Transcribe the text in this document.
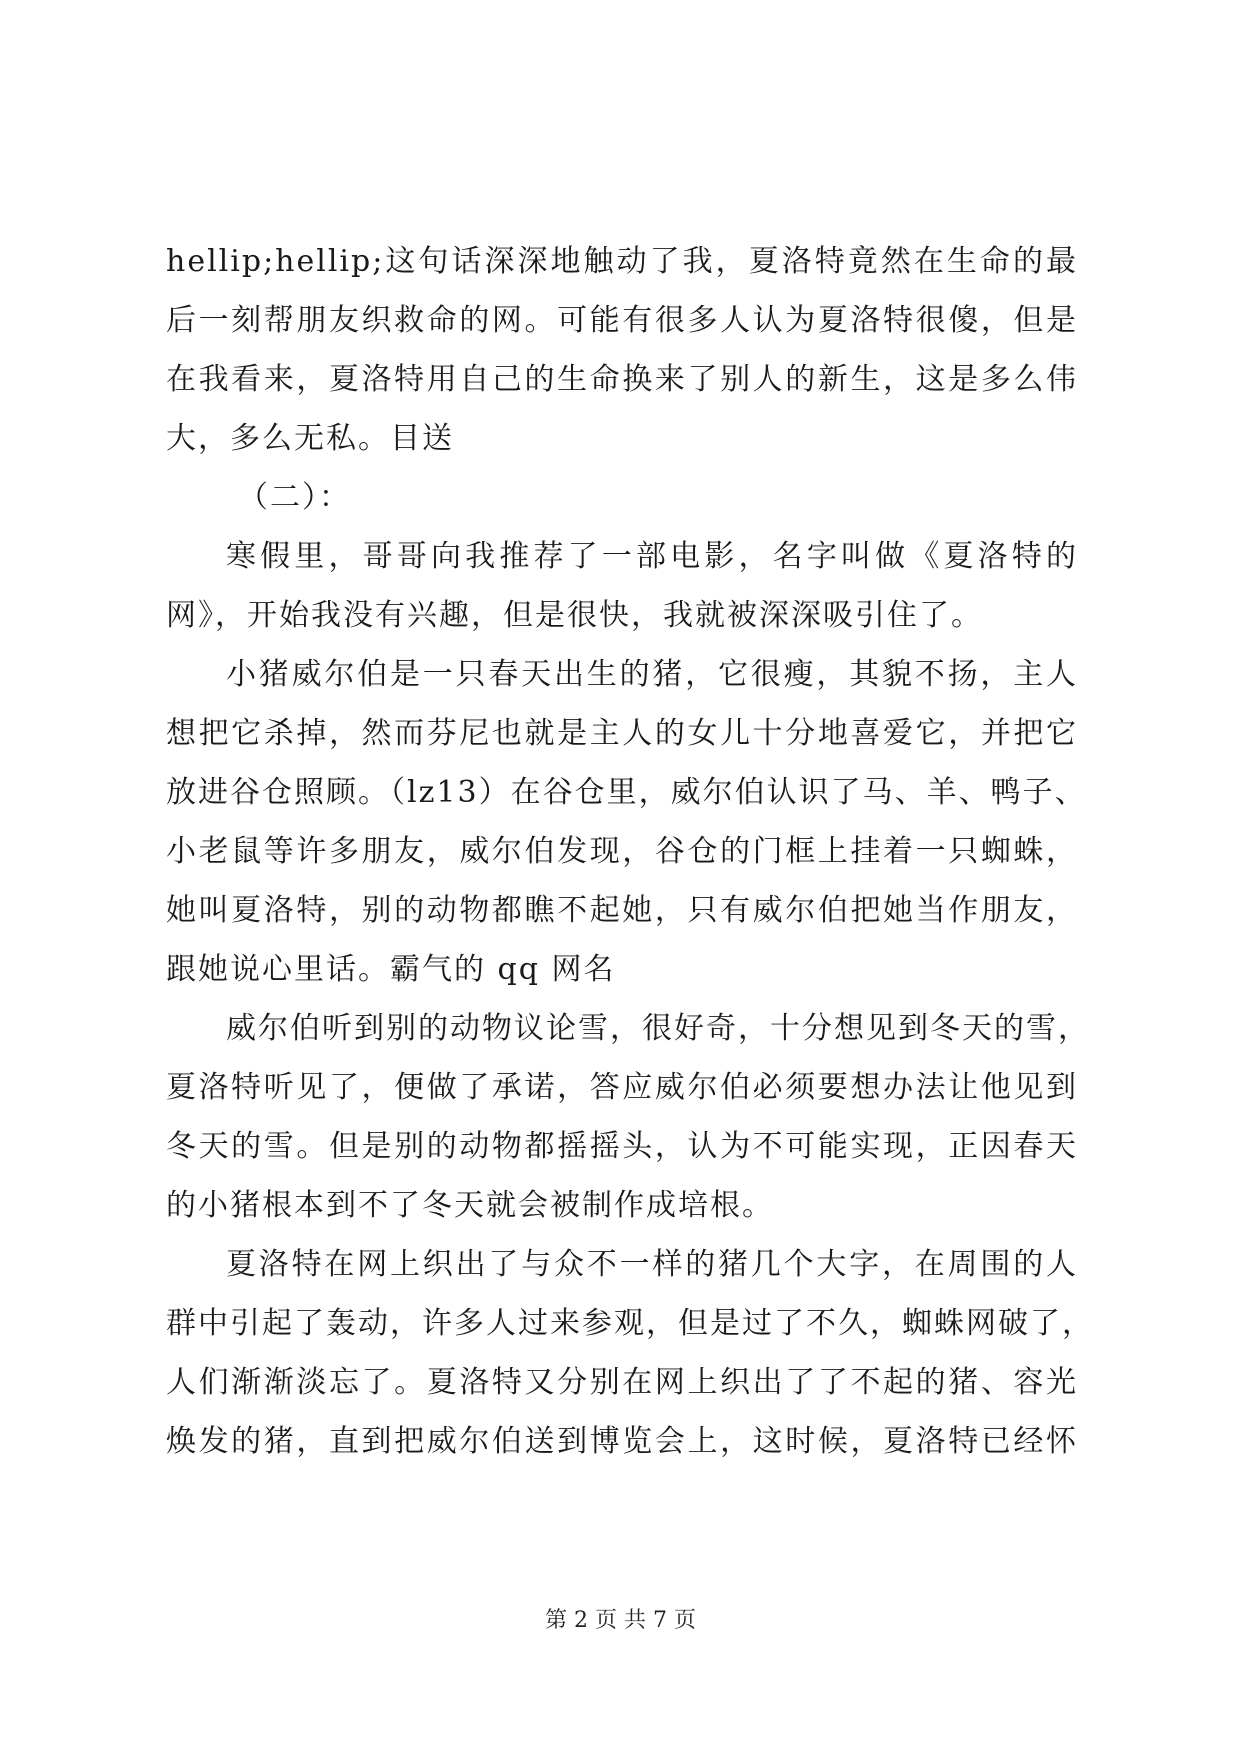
hellip;hellip;这句话深深地触动了我，夏洛特竟然在生命的最
后一刻帮朋友织救命的网。可能有很多人认为夏洛特很傻，但是
在我看来，夏洛特用自己的生命换来了别人的新生，这是多么伟
大，多么无私。目送
（二）：
寒假里，哥哥向我推荐了一部电影，名字叫做《夏洛特的
网》，开始我没有兴趣，但是很快，我就被深深吸引住了。
小猪威尔伯是一只春天出生的猪，它很瘦，其貌不扬，主人
想把它杀掉，然而芬尼也就是主人的女儿十分地喜爱它，并把它
放进谷仓照顾。（lz13）在谷仓里，威尔伯认识了马、羊、鸭子、
小老鼠等许多朋友，威尔伯发现，谷仓的门框上挂着一只蜘蛛，
她叫夏洛特，别的动物都瞧不起她，只有威尔伯把她当作朋友，
跟她说心里话。霸气的 qq 网名
威尔伯听到别的动物议论雪，很好奇，十分想见到冬天的雪，
夏洛特听见了，便做了承诺，答应威尔伯必须要想办法让他见到
冬天的雪。但是别的动物都摇摇头，认为不可能实现，正因春天
的小猪根本到不了冬天就会被制作成培根。
夏洛特在网上织出了与众不一样的猪几个大字，在周围的人
群中引起了轰动，许多人过来参观，但是过了不久，蜘蛛网破了，
人们渐渐淡忘了。夏洛特又分别在网上织出了了不起的猪、容光
焕发的猪，直到把威尔伯送到博览会上，这时候，夏洛特已经怀
第 2 页 共 7 页
